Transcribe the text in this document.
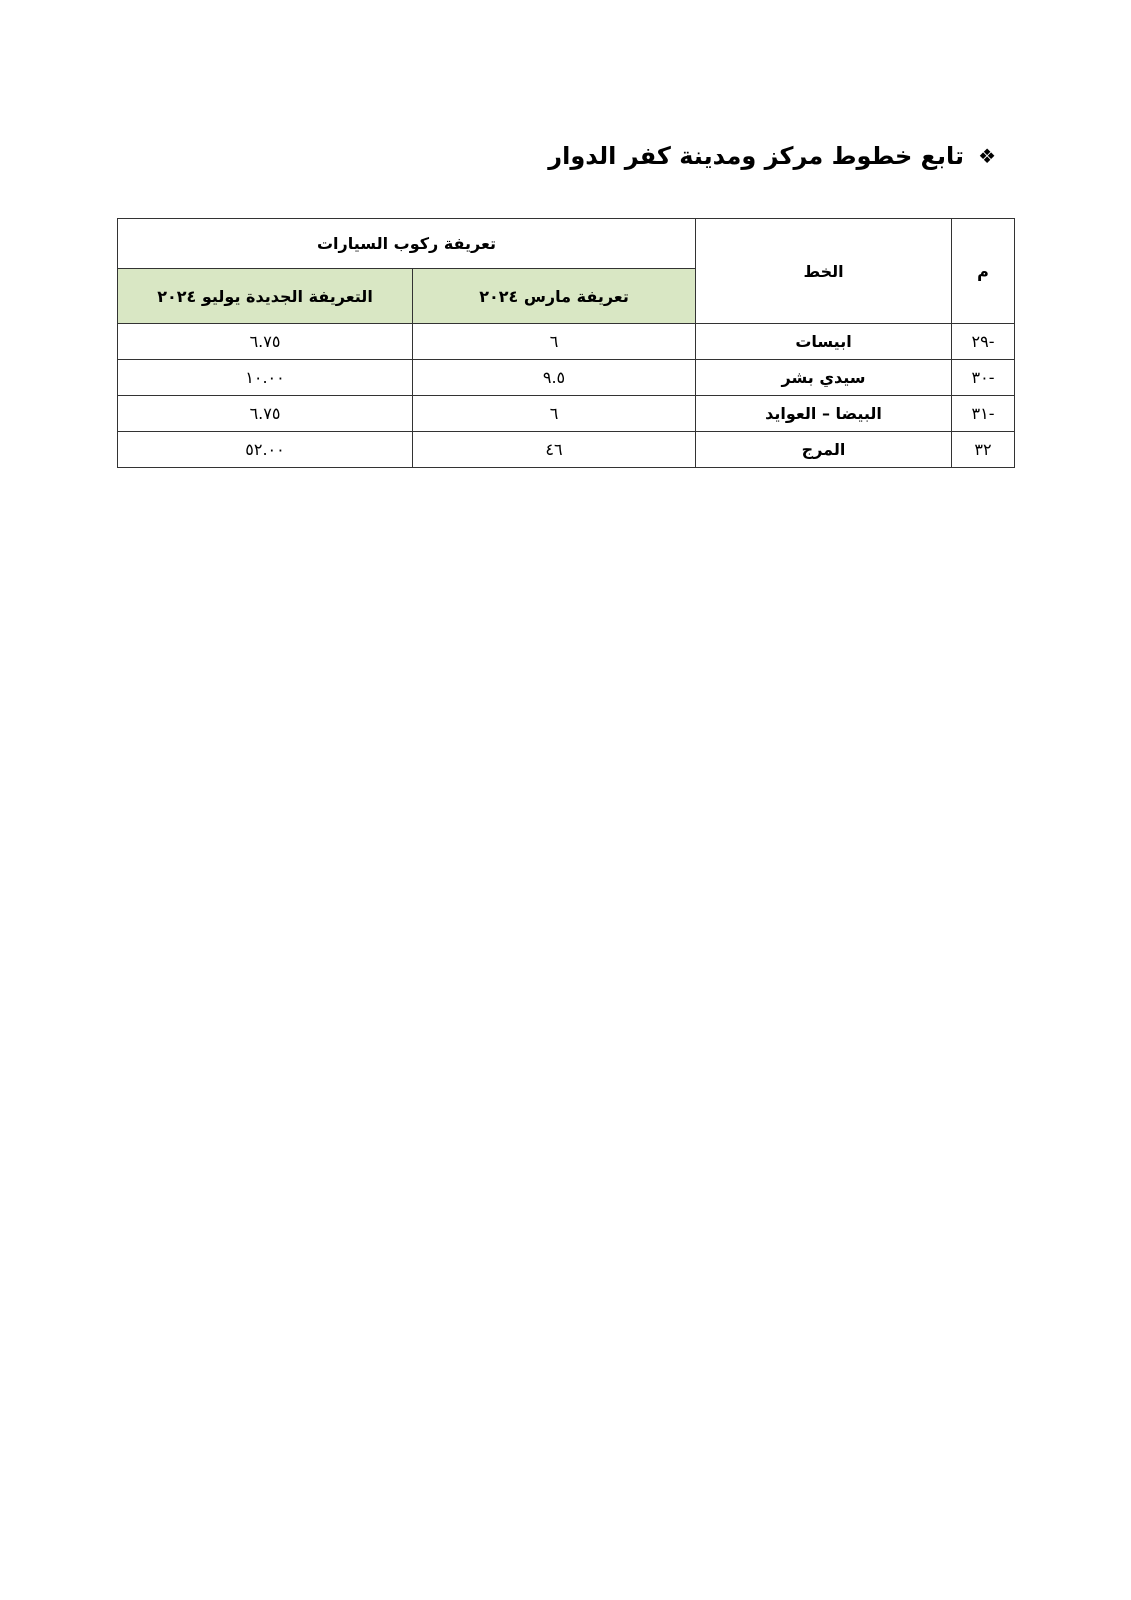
❖
تابع خطوط مركز ومدينة كفر الدوار
م	الخط	تعريفة ركوب السيارات	
		تعريفة مارس ٢٠٢٤	التعريفة الجديدة يوليو ٢٠٢٤
-٢٩	ابيسات	٦	٦.٧٥
-٣٠	سيدي بشر	٩.٥	١٠.٠٠
-٣١	البيضا – العوايد	٦	٦.٧٥
٣٢	المرج	٤٦	٥٢.٠٠
